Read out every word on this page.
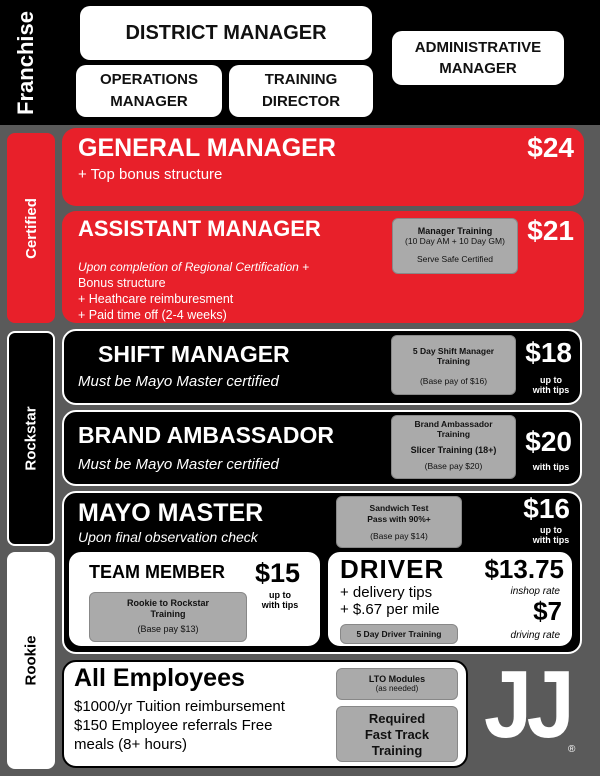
Franchise
Certified
Rockstar
Rookie
DISTRICT MANAGER
ADMINISTRATIVE
MANAGER
OPERATIONS
MANAGER
TRAINING
DIRECTOR
GENERAL MANAGER
+ Top bonus structure
$24
ASSISTANT MANAGER
Upon completion of Regional Certification +
Bonus structure
+ Heathcare reimburesment
+ Paid time off (2-4 weeks)
Manager Training
(10 Day AM + 10 Day GM)
Serve Safe Certified
$21
SHIFT MANAGER
Must be Mayo Master certified
5 Day Shift Manager
Training
(Base pay of $16)
$18
up to
with tips
BRAND AMBASSADOR
Must be Mayo Master certified
Brand Ambassador
Training
Slicer Training (18+)
(Base pay $20)
$20
with tips
MAYO MASTER
Upon final observation check
Sandwich Test
Pass with 90%+
(Base pay $14)
$16
up to
with tips
TEAM MEMBER $15
up to
with tips
Rookie to Rockstar
Training
(Base pay $13)
DRIVER
+ delivery tips
+ $.67 per mile
5 Day Driver Training
$13.75
inshop rate
$7
driving rate
All Employees
$1000/yr Tuition reimbursement
$150 Employee referrals Free
meals (8+ hours)
LTO Modules
(as needed)
Required
Fast Track
Training JJ
®
